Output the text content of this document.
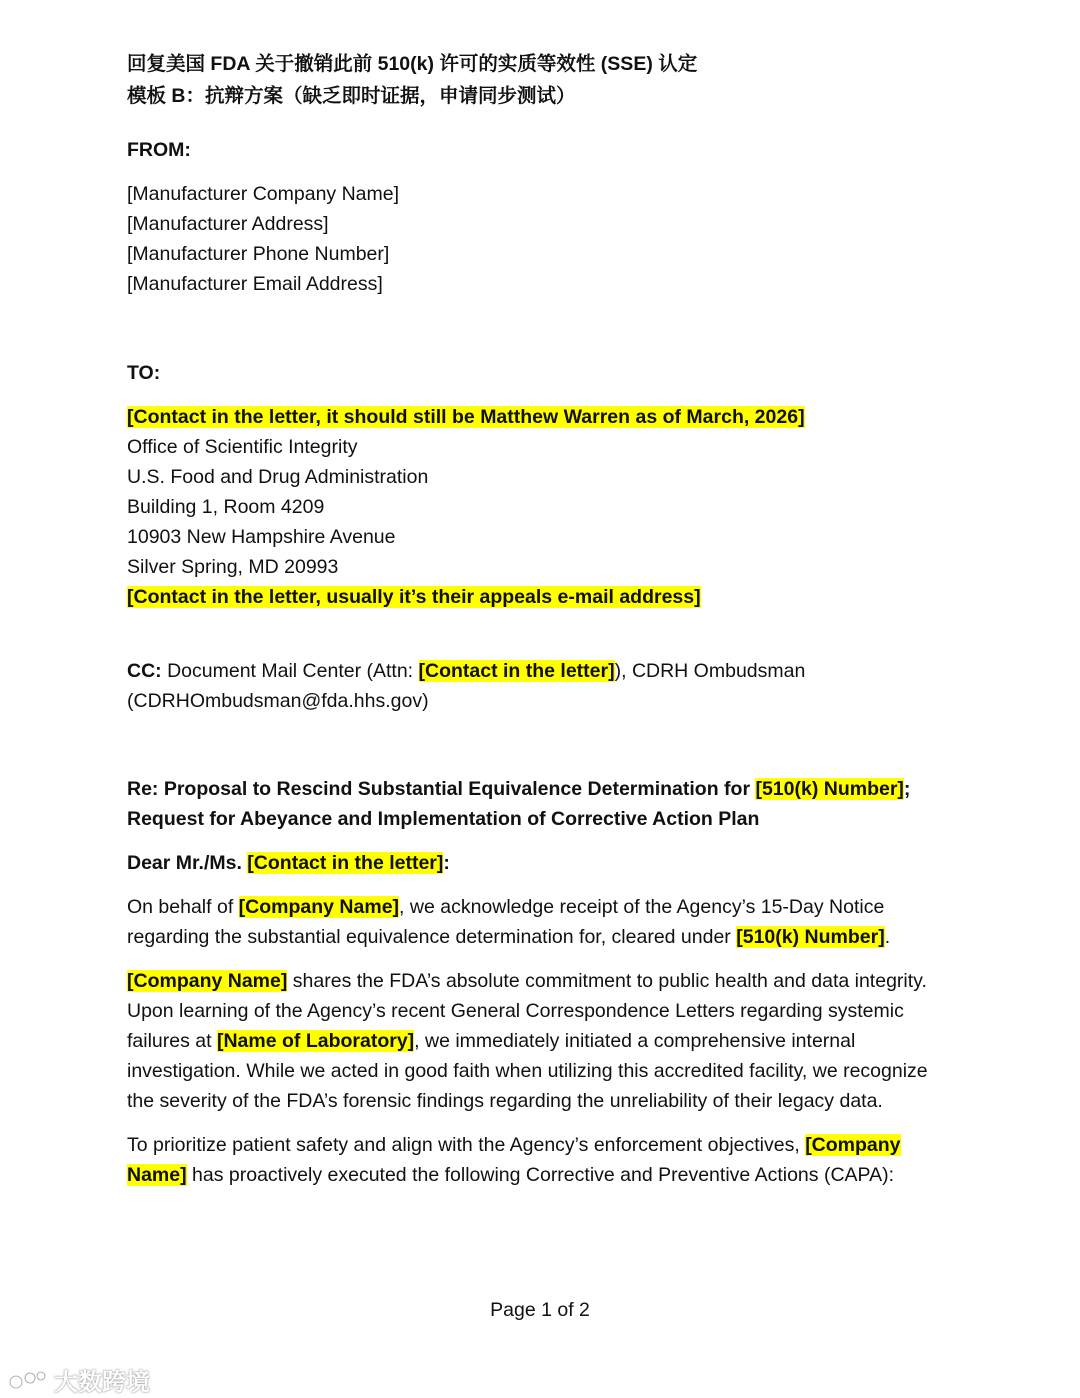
回复美国 FDA 关于撤销此前 510(k) 许可的实质等效性 (SSE) 认定

模板 B：抗辩方案（缺乏即时证据，申请同步测试）

FROM:

[Manufacturer Company Name]

[Manufacturer Address]

[Manufacturer Phone Number]

[Manufacturer Email Address]

TO:

[Contact in the letter, it should still be Matthew Warren as of March, 2026]

Office of Scientific Integrity

U.S. Food and Drug Administration

Building 1, Room 4209

10903 New Hampshire Avenue

Silver Spring, MD 20993

[Contact in the letter, usually it’s their appeals e-mail address]

CC: Document Mail Center (Attn: [Contact in the letter]), CDRH Ombudsman (CDRHOmbudsman@fda.hhs.gov)

Re: Proposal to Rescind Substantial Equivalence Determination for [510(k) Number]; Request for Abeyance and Implementation of Corrective Action Plan

Dear Mr./Ms. [Contact in the letter]:

On behalf of [Company Name], we acknowledge receipt of the Agency’s 15-Day Notice regarding the substantial equivalence determination for, cleared under [510(k) Number].

[Company Name] shares the FDA’s absolute commitment to public health and data integrity. Upon learning of the Agency’s recent General Correspondence Letters regarding systemic failures at [Name of Laboratory], we immediately initiated a comprehensive internal investigation. While we acted in good faith when utilizing this accredited facility, we recognize the severity of the FDA’s forensic findings regarding the unreliability of their legacy data.

To prioritize patient safety and align with the Agency’s enforcement objectives, [Company Name] has proactively executed the following Corrective and Preventive Actions (CAPA):

Page 1 of 2
大数跨境
